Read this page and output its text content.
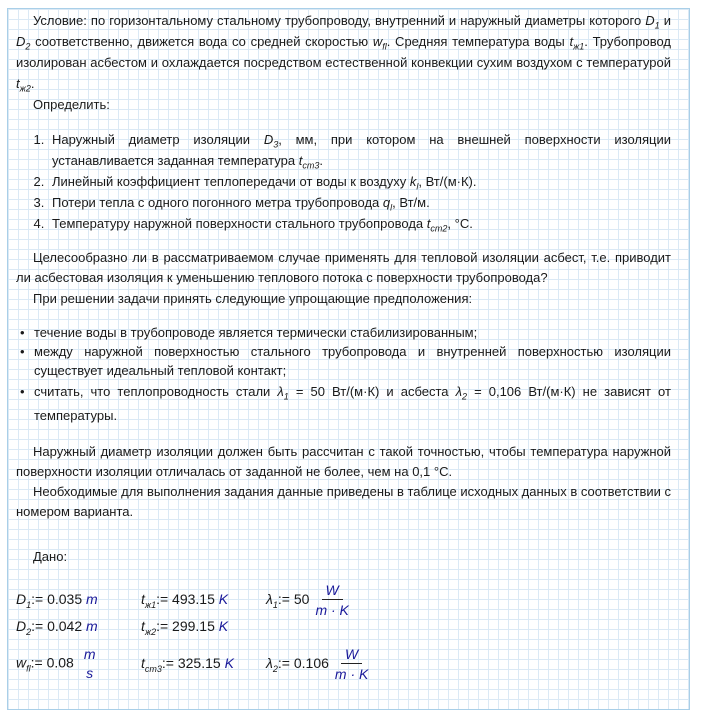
Условие: по горизонтальному стальному трубопроводу, внутренний и наружный диаметры которого $D_1$ и $D_2$ соответственно, движется вода со средней скоростью $w_{fl}$. Средняя температура воды $t_{ж1}$. Трубопровод изолирован асбестом и охлаждается посредством естественной конвекции сухим воздухом с температурой $t_{ж2}$.

Определить:

1. Наружный диаметр изоляции $D_3$, мм, при котором на внешней поверхности изоляции устанавливается заданная температура $t_{ст3}$.
2. Линейный коэффициент теплопередачи от воды к воздуху $k_l$, Вт/(м·К).
3. Потери тепла с одного погонного метра трубопровода $q_l$, Вт/м.
4. Температуру наружной поверхности стального трубопровода $t_{ст2}$, °С.

Целесообразно ли в рассматриваемом случае применять для тепловой изоляции асбест, т.е. приводит ли асбестовая изоляция к уменьшению теплового потока с поверхности трубопровода?

При решении задачи принять следующие упрощающие предположения:

• течение воды в трубопроводе является термически стабилизированным;
• между наружной поверхностью стального трубопровода и внутренней поверхностью изоляции существует идеальный тепловой контакт;
• считать, что теплопроводность стали $\lambda_1 = 50$ Вт/(м·К) и асбеста $\lambda_2 = 0,106$ Вт/(м·К) не зависят от температуры.

Наружный диаметр изоляции должен быть рассчитан с такой точностью, чтобы температура наружной поверхности изоляции отличалась от заданной не более, чем на 0,1 °С.

Необходимые для выполнения задания данные приведены в таблице исходных данных в соответствии с номером варианта.

Дано:

$D_1:= 0.035$ m
$D_2:= 0.042$ m
$w_{fl}:= 0.08$
m
s
$t_{ж1}:= 493.15$ K
$t_{ж2}:= 299.15$ K
$t_{ст3}:= 325.15$ K
$\lambda_1:= 50 \frac{W}{m \cdot K}$
$\lambda_2:= 0.106 \frac{W}{m \cdot K}$
